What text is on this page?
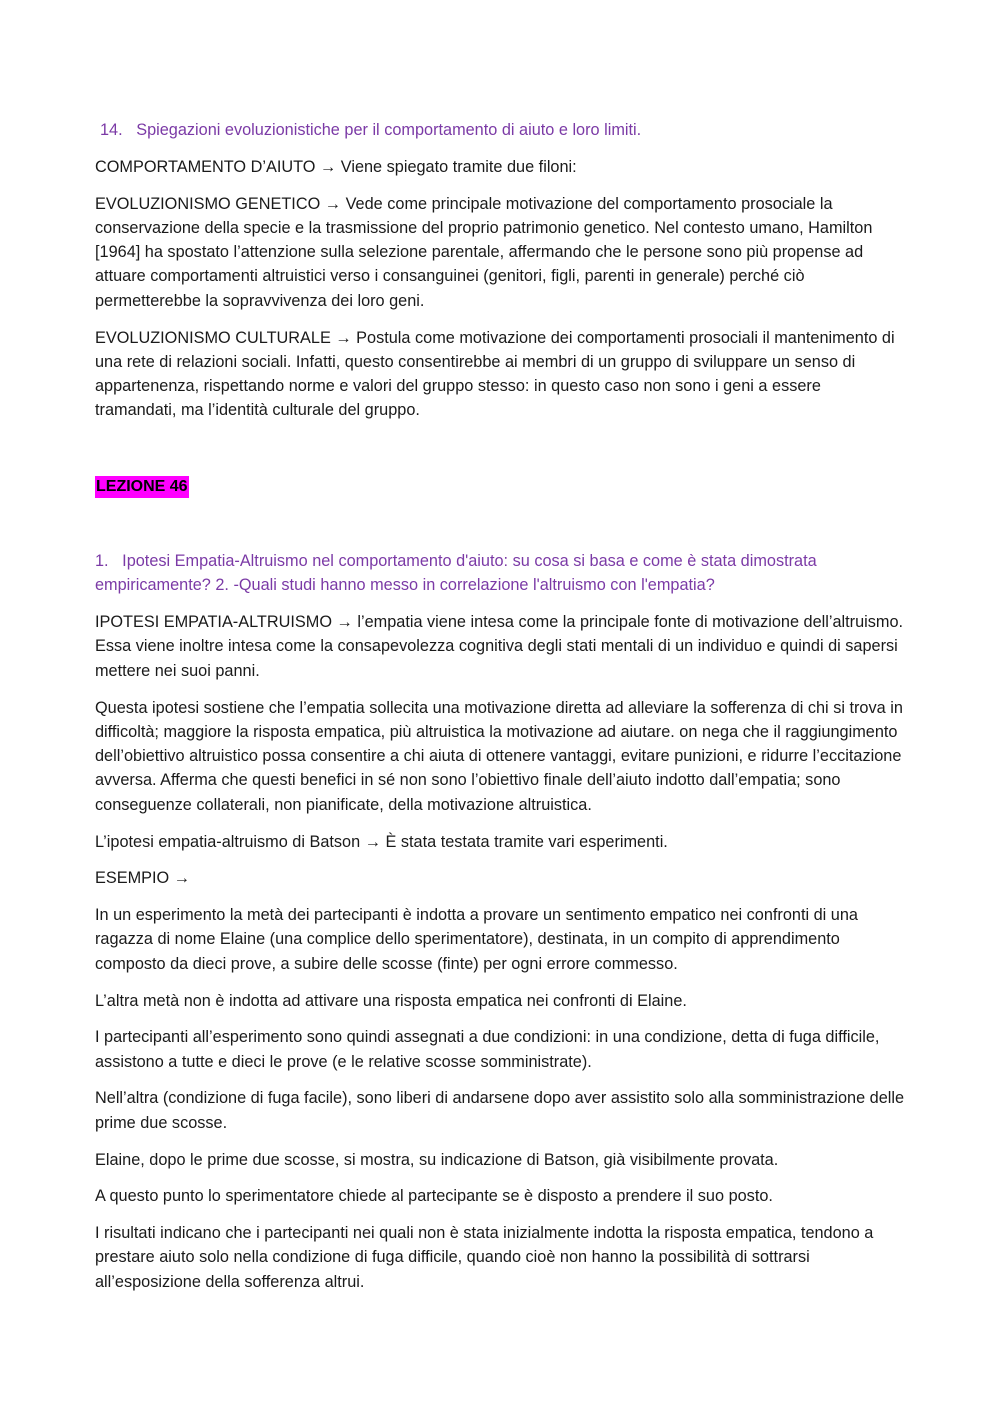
14. Spiegazioni evoluzionistiche per il comportamento di aiuto e loro limiti.

COMPORTAMENTO D’AIUTO → Viene spiegato tramite due filoni:

EVOLUZIONISMO GENETICO → Vede come principale motivazione del comportamento prosociale la conservazione della specie e la trasmissione del proprio patrimonio genetico. Nel contesto umano, Hamilton [1964] ha spostato l’attenzione sulla selezione parentale, affermando che le persone sono più propense ad attuare comportamenti altruistici verso i consanguinei (genitori, figli, parenti in generale) perché ciò permetterebbe la sopravvivenza dei loro geni.

EVOLUZIONISMO CULTURALE → Postula come motivazione dei comportamenti prosociali il mantenimento di una rete di relazioni sociali. Infatti, questo consentirebbe ai membri di un gruppo di sviluppare un senso di appartenenza, rispettando norme e valori del gruppo stesso: in questo caso non sono i geni a essere tramandati, ma l’identità culturale del gruppo.

LEZIONE 46

1. Ipotesi Empatia-Altruismo nel comportamento d'aiuto: su cosa si basa e come è stata dimostrata empiricamente? 2. -Quali studi hanno messo in correlazione l'altruismo con l'empatia?

IPOTESI EMPATIA-ALTRUISMO → l’empatia viene intesa come la principale fonte di motivazione dell’altruismo. Essa viene inoltre intesa come la consapevolezza cognitiva degli stati mentali di un individuo e quindi di sapersi mettere nei suoi panni.

Questa ipotesi sostiene che l’empatia sollecita una motivazione diretta ad alleviare la sofferenza di chi si trova in difficoltà; maggiore la risposta empatica, più altruistica la motivazione ad aiutare. on nega che il raggiungimento dell’obiettivo altruistico possa consentire a chi aiuta di ottenere vantaggi, evitare punizioni, e ridurre l’eccitazione avversa. Afferma che questi benefici in sé non sono l’obiettivo finale dell’aiuto indotto dall’empatia; sono conseguenze collaterali, non pianificate, della motivazione altruistica.

L’ipotesi empatia-altruismo di Batson → È stata testata tramite vari esperimenti.

ESEMPIO →

In un esperimento la metà dei partecipanti è indotta a provare un sentimento empatico nei confronti di una ragazza di nome Elaine (una complice dello sperimentatore), destinata, in un compito di apprendimento composto da dieci prove, a subire delle scosse (finte) per ogni errore commesso.

L’altra metà non è indotta ad attivare una risposta empatica nei confronti di Elaine.

I partecipanti all’esperimento sono quindi assegnati a due condizioni: in una condizione, detta di fuga difficile, assistono a tutte e dieci le prove (e le relative scosse somministrate).

Nell’altra (condizione di fuga facile), sono liberi di andarsene dopo aver assistito solo alla somministrazione delle prime due scosse.

Elaine, dopo le prime due scosse, si mostra, su indicazione di Batson, già visibilmente provata.

A questo punto lo sperimentatore chiede al partecipante se è disposto a prendere il suo posto.

I risultati indicano che i partecipanti nei quali non è stata inizialmente indotta la risposta empatica, tendono a prestare aiuto solo nella condizione di fuga difficile, quando cioè non hanno la possibilità di sottrarsi all’esposizione della sofferenza altrui.
